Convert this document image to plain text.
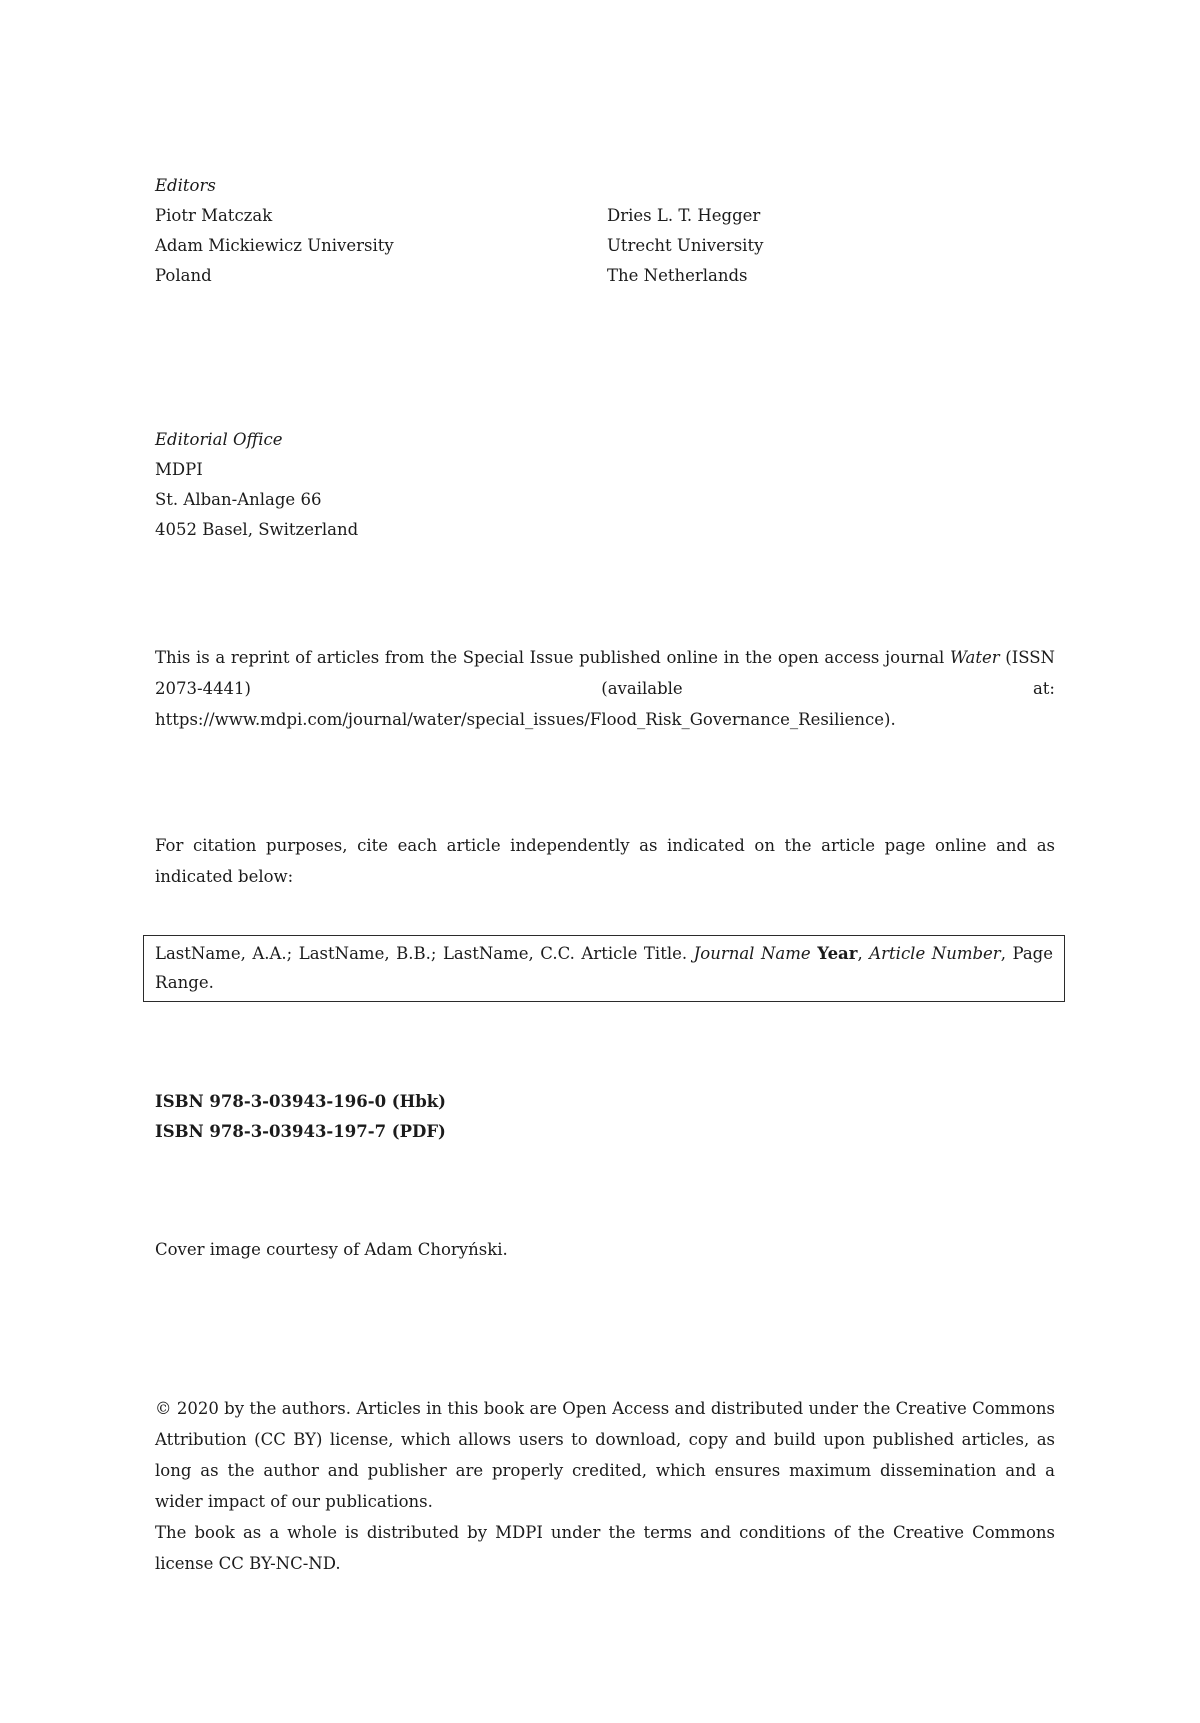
Editors
Piotr Matczak
Adam Mickiewicz University
Poland
Dries L. T. Hegger
Utrecht University
The Netherlands
Editorial Office
MDPI
St. Alban-Anlage 66
4052 Basel, Switzerland

This is a reprint of articles from the Special Issue published online in the open access journal Water (ISSN 2073-4441) (available at: https://www.mdpi.com/journal/water/special_issues/Flood_Risk_Governance_Resilience).

For citation purposes, cite each article independently as indicated on the article page online and as indicated below:

LastName, A.A.; LastName, B.B.; LastName, C.C. Article Title. Journal Name Year, Article Number, Page Range.
ISBN 978-3-03943-196-0 (Hbk)
ISBN 978-3-03943-197-7 (PDF)

Cover image courtesy of Adam Choryński.

© 2020 by the authors. Articles in this book are Open Access and distributed under the Creative Commons Attribution (CC BY) license, which allows users to download, copy and build upon published articles, as long as the author and publisher are properly credited, which ensures maximum dissemination and a wider impact of our publications.

The book as a whole is distributed by MDPI under the terms and conditions of the Creative Commons license CC BY-NC-ND.
